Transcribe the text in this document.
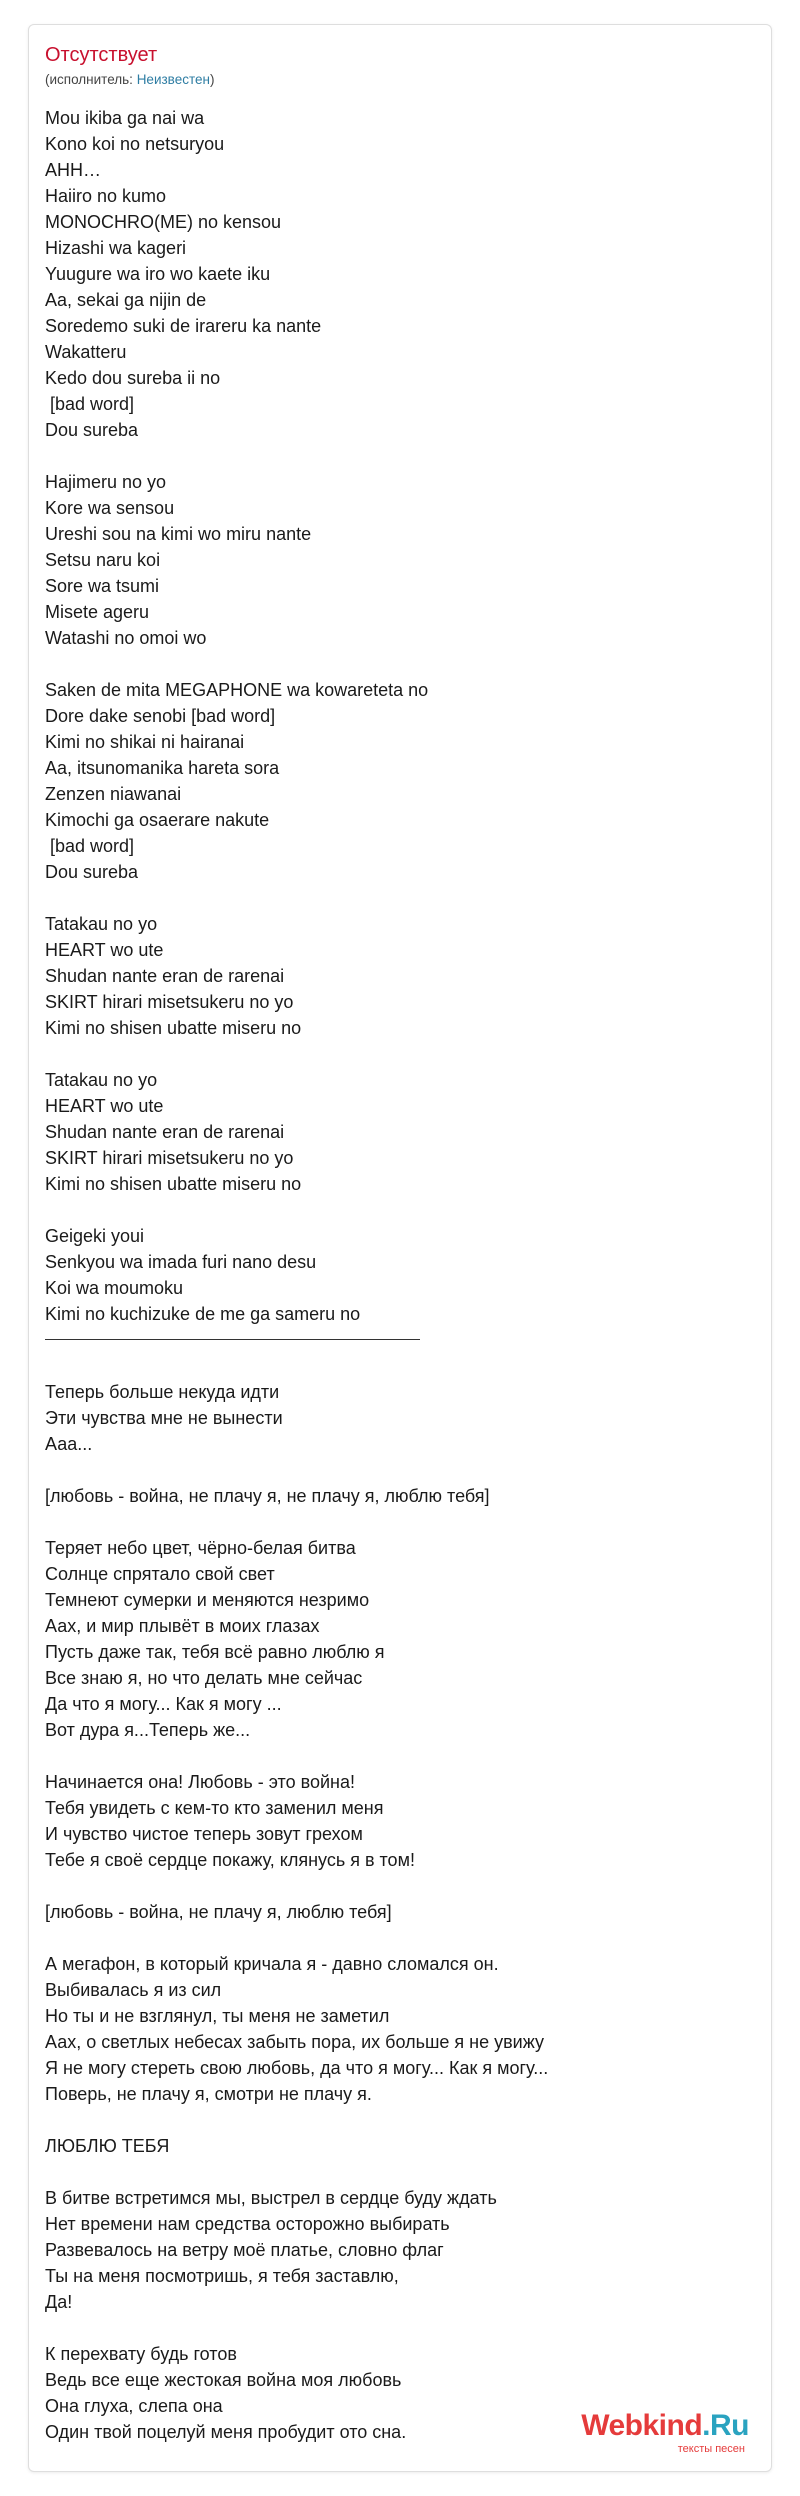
Отсутствует
(исполнитель: Неизвестен)
Mou ikiba ga nai wa
Kono koi no netsuryou
AHH…
Haiiro no kumo
MONOCHRO(ME) no kensou
Hizashi wa kageri
Yuugure wa iro wo kaete iku
Aa, sekai ga nijin de
Soredemo suki de irareru ka nante
Wakatteru
Kedo dou sureba ii no
[bad word]
Dou sureba
Hajimeru no yo
Kore wa sensou
Ureshi sou na kimi wo miru nante
Setsu naru koi
Sore wa tsumi
Misete ageru
Watashi no omoi wo
Saken de mita MEGAPHONE wa kowareteta no
Dore dake senobi [bad word]
Kimi no shikai ni hairanai
Aa, itsunomanika hareta sora
Zenzen niawanai
Kimochi ga osaerare nakute
[bad word]
Dou sureba
Tatakau no yo
HEART wo ute
Shudan nante eran de rarenai
SKIRT hirari misetsukeru no yo
Kimi no shisen ubatte miseru no
Tatakau no yo
HEART wo ute
Shudan nante eran de rarenai
SKIRT hirari misetsukeru no yo
Kimi no shisen ubatte miseru no
Geigeki youi
Senkyou wa imada furi nano desu
Koi wa moumoku
Kimi no kuchizuke de me ga sameru no
Теперь больше некуда идти
Эти чувства мне не вынести
Ааа...
[любовь - война, не плачу я, не плачу я, люблю тебя]
Теряет небо цвет, чёрно-белая битва
Солнце спрятало свой свет
Темнеют сумерки и меняются незримо
Аах, и мир плывёт в моих глазах
Пусть даже так, тебя всё равно люблю я
Все знаю я, но что делать мне сейчас
Да что я могу... Как я могу ...
Вот дура я...Теперь же...
Начинается она! Любовь - это война!
Тебя увидеть с кем-то кто заменил меня
И чувство чистое теперь зовут грехом
Тебе я своё сердце покажу, клянусь я в том!
[любовь - война, не плачу я, люблю тебя]
А мегафон, в который кричала я - давно сломался он.
Выбивалась я из сил
Но ты и не взглянул, ты меня не заметил
Аах, о светлых небесах забыть пора, их больше я не увижу
Я не могу стереть свою любовь, да что я могу... Как я могу...
Поверь, не плачу я, смотри не плачу я.
ЛЮБЛЮ ТЕБЯ
В битве встретимся мы, выстрел в сердце буду ждать
Нет времени нам средства осторожно выбирать
Развевалось на ветру моё платье, словно флаг
Ты на меня посмотришь, я тебя заставлю,
Да!
К перехвату будь готов
Ведь все еще жестокая война моя любовь
Она глуха, слепа она
Один твой поцелуй меня пробудит ото сна.	Webkind.Ru
тексты песен
